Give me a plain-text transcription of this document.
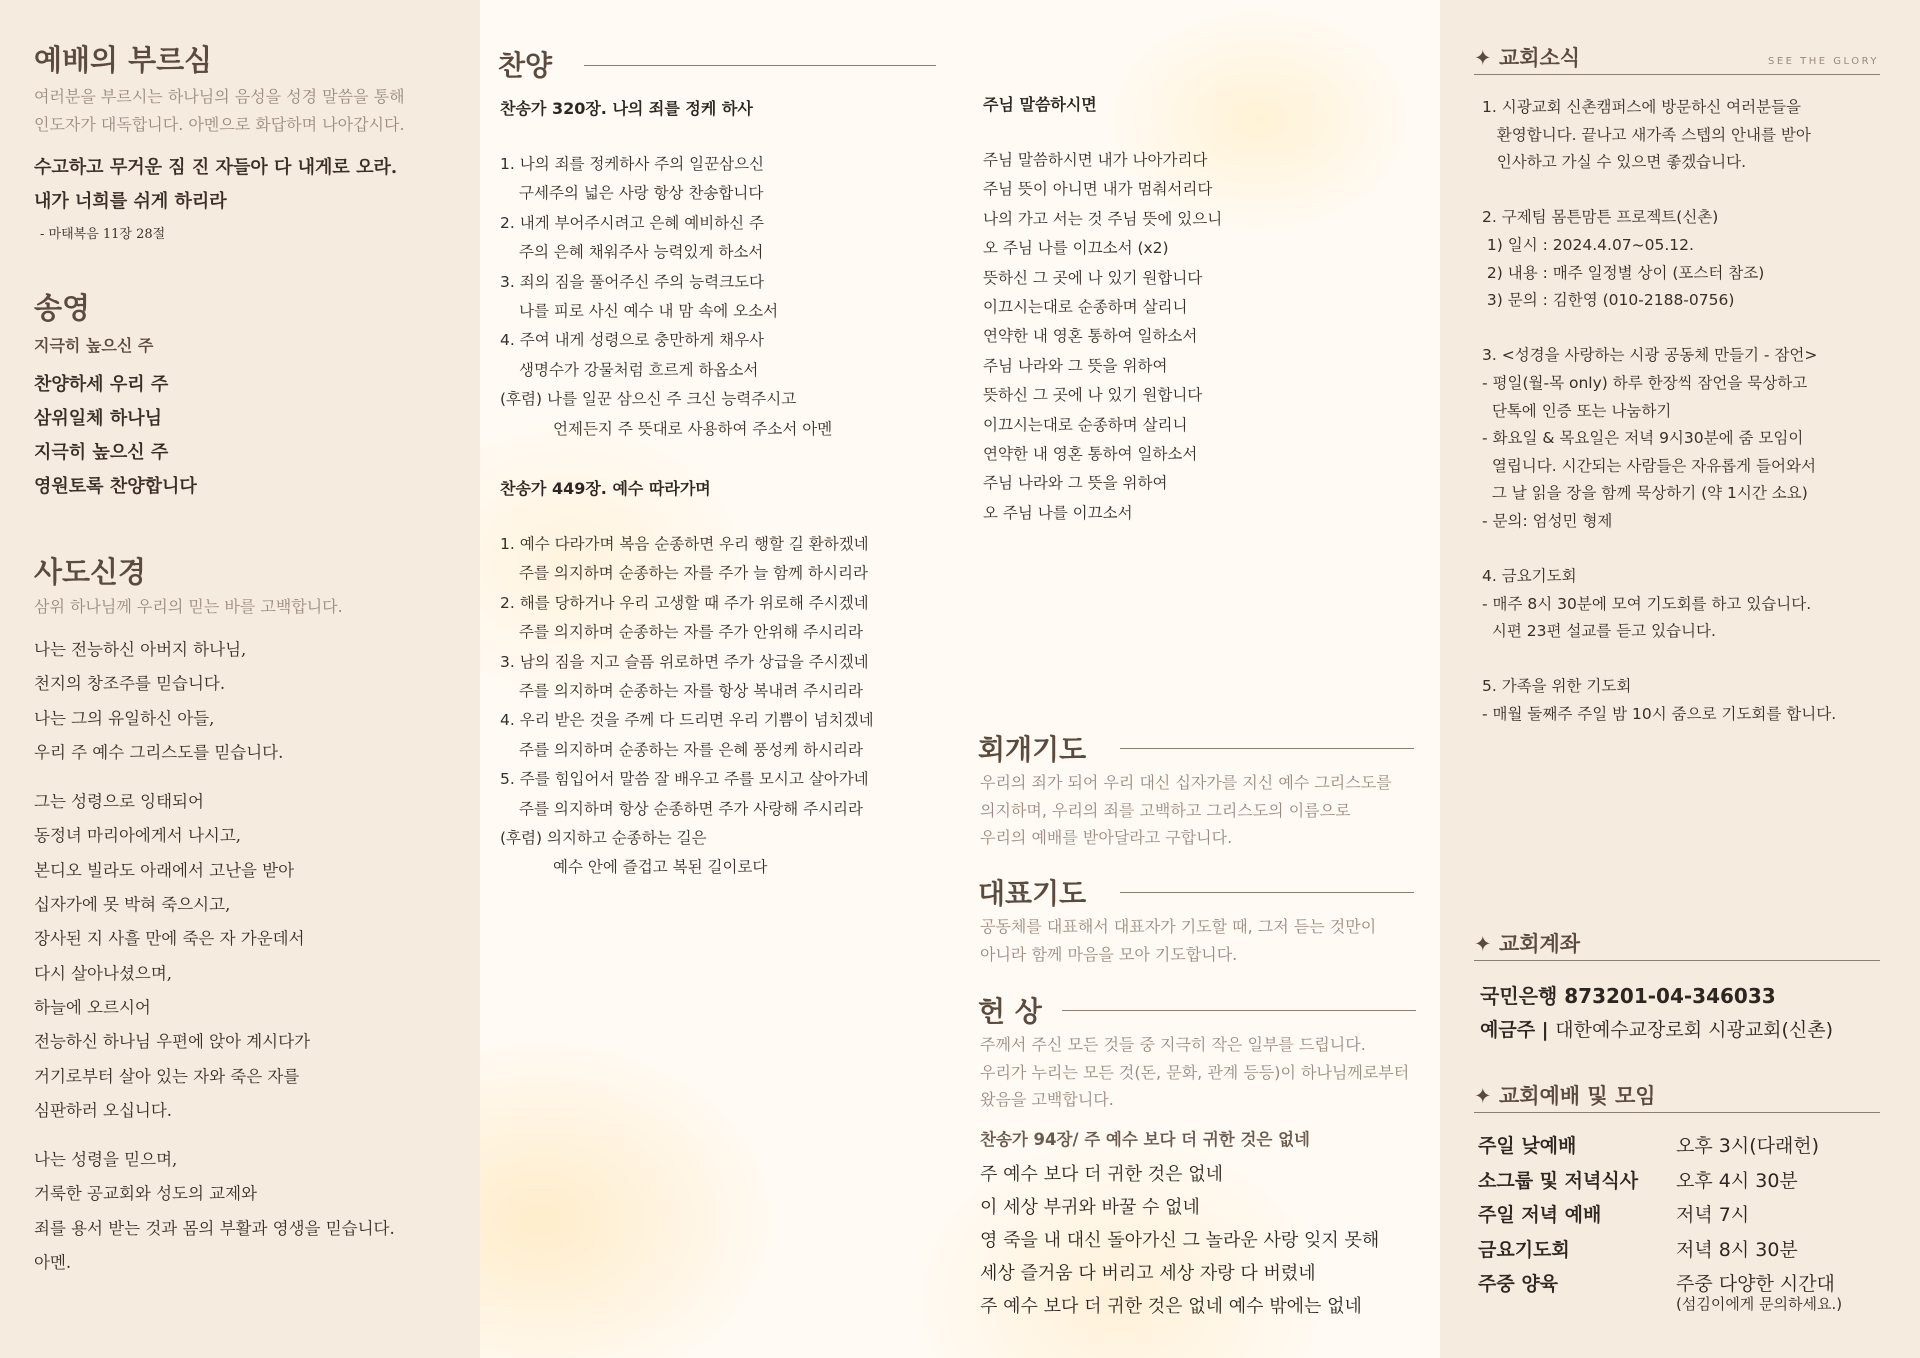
예배의 부르심
여러분을 부르시는 하나님의 음성을 성경 말씀을 통해
인도자가 대독합니다. 아멘으로 화답하며 나아갑시다.
수고하고 무거운 짐 진 자들아 다 내게로 오라.
내가 너희를 쉬게 하리라
- 마태복음 11장 28절
송영
지극히 높으신 주
찬양하세 우리 주
삼위일체 하나님
지극히 높으신 주
영원토록 찬양합니다
사도신경
삼위 하나님께 우리의 믿는 바를 고백합니다.

나는 전능하신 아버지 하나님,

천지의 창조주를 믿습니다.

나는 그의 유일하신 아들,

우리 주 예수 그리스도를 믿습니다.

그는 성령으로 잉태되어

동정녀 마리아에게서 나시고,

본디오 빌라도 아래에서 고난을 받아

십자가에 못 박혀 죽으시고,

장사된 지 사흘 만에 죽은 자 가운데서

다시 살아나셨으며,

하늘에 오르시어

전능하신 하나님 우편에 앉아 계시다가

거기로부터 살아 있는 자와 죽은 자를

심판하러 오십니다.

나는 성령을 믿으며,

거룩한 공교회와 성도의 교제와

죄를 용서 받는 것과 몸의 부활과 영생을 믿습니다.

아멘.

찬양
찬송가 320장. 나의 죄를 정케 하사
1. 나의 죄를 정케하사 주의 일꾼삼으신
구세주의 넓은 사랑 항상 찬송합니다
2. 내게 부어주시려고 은혜 예비하신 주
주의 은혜 채워주사 능력있게 하소서
3. 죄의 짐을 풀어주신 주의 능력크도다
나를 피로 사신 예수 내 맘 속에 오소서
4. 주여 내게 성령으로 충만하게 채우사
생명수가 강물처럼 흐르게 하옵소서
(후렴) 나를 일꾼 삼으신 주 크신 능력주시고
언제든지 주 뜻대로 사용하여 주소서 아멘
찬송가 449장. 예수 따라가며
1. 예수 다라가며 복음 순종하면 우리 행할 길 환하겠네
주를 의지하며 순종하는 자를 주가 늘 함께 하시리라
2. 해를 당하거나 우리 고생할 때 주가 위로해 주시겠네
주를 의지하며 순종하는 자를 주가 안위해 주시리라
3. 남의 짐을 지고 슬픔 위로하면 주가 상급을 주시겠네
주를 의지하며 순종하는 자를 항상 복내려 주시리라
4. 우리 받은 것을 주께 다 드리면 우리 기쁨이 넘치겠네
주를 의지하며 순종하는 자를 은혜 풍성케 하시리라
5. 주를 힘입어서 말씀 잘 배우고 주를 모시고 살아가네
주를 의지하며 항상 순종하면 주가 사랑해 주시리라
(후렴) 의지하고 순종하는 길은
예수 안에 즐겁고 복된 길이로다
주님 말씀하시면
주님 말씀하시면 내가 나아가리다
주님 뜻이 아니면 내가 멈춰서리다
나의 가고 서는 것 주님 뜻에 있으니
오 주님 나를 이끄소서 (x2)
뜻하신 그 곳에 나 있기 원합니다
이끄시는대로 순종하며 살리니
연약한 내 영혼 통하여 일하소서
주님 나라와 그 뜻을 위하여
뜻하신 그 곳에 나 있기 원합니다
이끄시는대로 순종하며 살리니
연약한 내 영혼 통하여 일하소서
주님 나라와 그 뜻을 위하여
오 주님 나를 이끄소서
회개기도
우리의 죄가 되어 우리 대신 십자가를 지신 예수 그리스도를
의지하며, 우리의 죄를 고백하고 그리스도의 이름으로
우리의 예배를 받아달라고 구합니다.
대표기도
공동체를 대표해서 대표자가 기도할 때, 그저 듣는 것만이
아니라 함께 마음을 모아 기도합니다.
헌 상
주께서 주신 모든 것들 중 지극히 작은 일부를 드립니다.
우리가 누리는 모든 것(돈, 문화, 관계 등등)이 하나님께로부터
왔음을 고백합니다.
찬송가 94장/ 주 예수 보다 더 귀한 것은 없네
주 예수 보다 더 귀한 것은 없네
이 세상 부귀와 바꿀 수 없네
영 죽을 내 대신 돌아가신 그 놀라운 사랑 잊지 못해
세상 즐거움 다 버리고 세상 자랑 다 버렸네
주 예수 보다 더 귀한 것은 없네 예수 밖에는 없네
✦ 교회소식	SEE THE GLORY
1. 시광교회 신촌캠퍼스에 방문하신 여러분들을
환영합니다. 끝나고 새가족 스텝의 안내를 받아
인사하고 가실 수 있으면 좋겠습니다.
2. 구제팀 몸튼맘튼 프로젝트(신촌)
1) 일시 : 2024.4.07~05.12.
2) 내용 : 매주 일정별 상이 (포스터 참조)
3) 문의 : 김한영 (010-2188-0756)
3. <성경을 사랑하는 시광 공동체 만들기 - 잠언>
- 평일(월-목 only) 하루 한장씩 잠언을 묵상하고
단톡에 인증 또는 나눔하기
- 화요일 & 목요일은 저녁 9시30분에 줌 모임이
열립니다. 시간되는 사람들은 자유롭게 들어와서
그 날 읽을 장을 함께 묵상하기 (약 1시간 소요)
- 문의: 엄성민 형제
4. 금요기도회
- 매주 8시 30분에 모여 기도회를 하고 있습니다.
시편 23편 설교를 듣고 있습니다.
5. 가족을 위한 기도회
- 매월 둘째주 주일 밤 10시 줌으로 기도회를 합니다.
✦ 교회계좌
국민은행 873201-04-346033
예금주 | 대한예수교장로회 시광교회(신촌)
✦ 교회예배 및 모임
주일 낮예배	오후 3시(다래헌)
소그룹 및 저녁식사 오후 4시 30분
주일 저녁 예배	저녁 7시
금요기도회	저녁 8시 30분
주중 양육	주중 다양한 시간대
(섬김이에게 문의하세요.)
